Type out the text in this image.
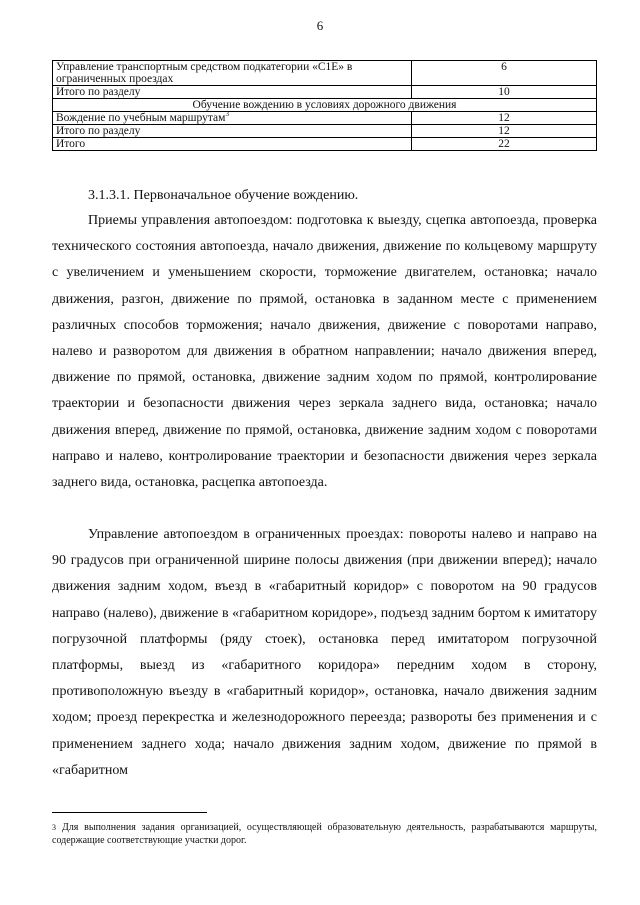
6
Управление транспортным средством подкатегории «С1Е» в ограниченных проездах	6
Итого по разделу	10
Обучение вождению в условиях дорожного движения	
Вождение по учебным маршрутам$^3$	12
Итого по разделу	12
Итого	22
3.1.3.1. Первоначальное обучение вождению.

Приемы управления автопоездом: подготовка к выезду, сцепка автопоезда, проверка технического состояния автопоезда, начало движения, движение по кольцевому маршруту с увеличением и уменьшением скорости, торможение двигателем, остановка; начало движения, разгон, движение по прямой, остановка в заданном месте с применением различных способов торможения; начало движения, движение с поворотами направо, налево и разворотом для движения в обратном направлении; начало движения вперед, движение по прямой, остановка, движение задним ходом по прямой, контролирование траектории и безопасности движения через зеркала заднего вида, остановка; начало движения вперед, движение по прямой, остановка, движение задним ходом с поворотами направо и налево, контролирование траектории и безопасности движения через зеркала заднего вида, остановка, расцепка автопоезда.

Управление автопоездом в ограниченных проездах: повороты налево и направо на 90 градусов при ограниченной ширине полосы движения (при движении вперед); начало движения задним ходом, въезд в «габаритный коридор» с поворотом на 90 градусов направо (налево), движение в «габаритном коридоре», подъезд задним бортом к имитатору погрузочной платформы (ряду стоек), остановка перед имитатором погрузочной платформы, выезд из «габаритного коридора» передним ходом в сторону, противоположную въезду в «габаритный коридор», остановка, начало движения задним ходом; проезд перекрестка и железнодорожного переезда; развороты без применения и с применением заднего хода; начало движения задним ходом, движение по прямой в «габаритном

$^3$ Для выполнения задания организацией, осуществляющей образовательную деятельность, разрабатываются маршруты, содержащие соответствующие участки дорог.
